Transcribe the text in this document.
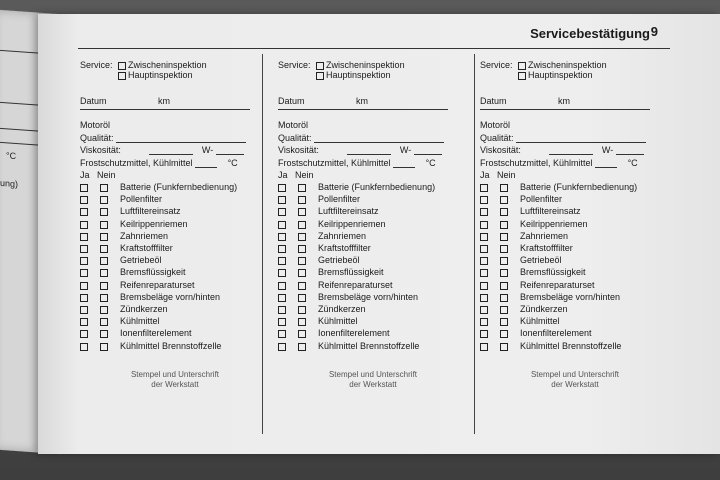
°C
ung)
Servicebestätigung 9
Service: Zwischeninspektion
Hauptinspektion
Datum	km
Motoröl
Qualität:
Viskosität:	W-
Frostschutzmittel, Kühlmittel	°C
Ja Nein
Batterie (Funkfernbedienung)
Pollenfilter
Luftfiltereinsatz
Keilrippenriemen
Zahnriemen
Kraftstofffilter
Getriebeöl
Bremsflüssigkeit
Reifenreparaturset
Bremsbeläge vorn/hinten
Zündkerzen
Kühlmittel
Ionenfilterelement
Kühlmittel Brennstoffzelle
Stempel und Unterschrift
der Werkstatt
Service: Zwischeninspektion
Hauptinspektion
Datum	km
Motoröl
Qualität:
Viskosität:	W-
Frostschutzmittel, Kühlmittel	°C
Ja Nein
Batterie (Funkfernbedienung)
Pollenfilter
Luftfiltereinsatz
Keilrippenriemen
Zahnriemen
Kraftstofffilter
Getriebeöl
Bremsflüssigkeit
Reifenreparaturset
Bremsbeläge vorn/hinten
Zündkerzen
Kühlmittel
Ionenfilterelement
Kühlmittel Brennstoffzelle
Stempel und Unterschrift
der Werkstatt
Service: Zwischeninspektion
Hauptinspektion
Datum	km
Motoröl
Qualität:
Viskosität:	W-
Frostschutzmittel, Kühlmittel	°C
Ja Nein
Batterie (Funkfernbedienung)
Pollenfilter
Luftfiltereinsatz
Keilrippenriemen
Zahnriemen
Kraftstofffilter
Getriebeöl
Bremsflüssigkeit
Reifenreparaturset
Bremsbeläge vorn/hinten
Zündkerzen
Kühlmittel
Ionenfilterelement
Kühlmittel Brennstoffzelle
Stempel und Unterschrift
der Werkstatt
